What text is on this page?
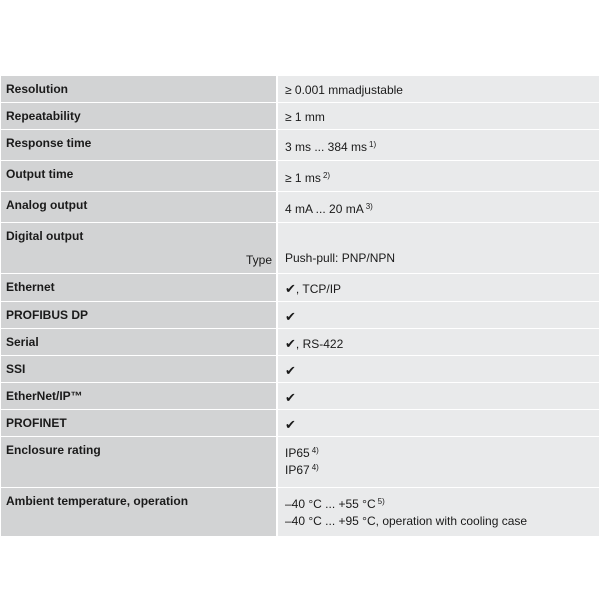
Resolution	≥ 0.001 mmadjustable
Repeatability	≥ 1 mm
Response time	3 ms ... 384 ms $^{1)}$
Output time	≥ 1 ms $^{2)}$
Analog output	4 mA ... 20 mA $^{3)}$
Digital output
Type	Push-pull: PNP/NPN
Ethernet	✔, TCP/IP
PROFIBUS DP	✔
Serial	✔, RS-422
SSI	✔
EtherNet/IP™	✔
PROFINET	✔
Enclosure rating	IP65 $^{4)}$
IP67 $^{4)}$
Ambient temperature, operation	–40 °C ... +55 °C $^{5)}$
–40 °C ... +95 °C, operation with cooling case
